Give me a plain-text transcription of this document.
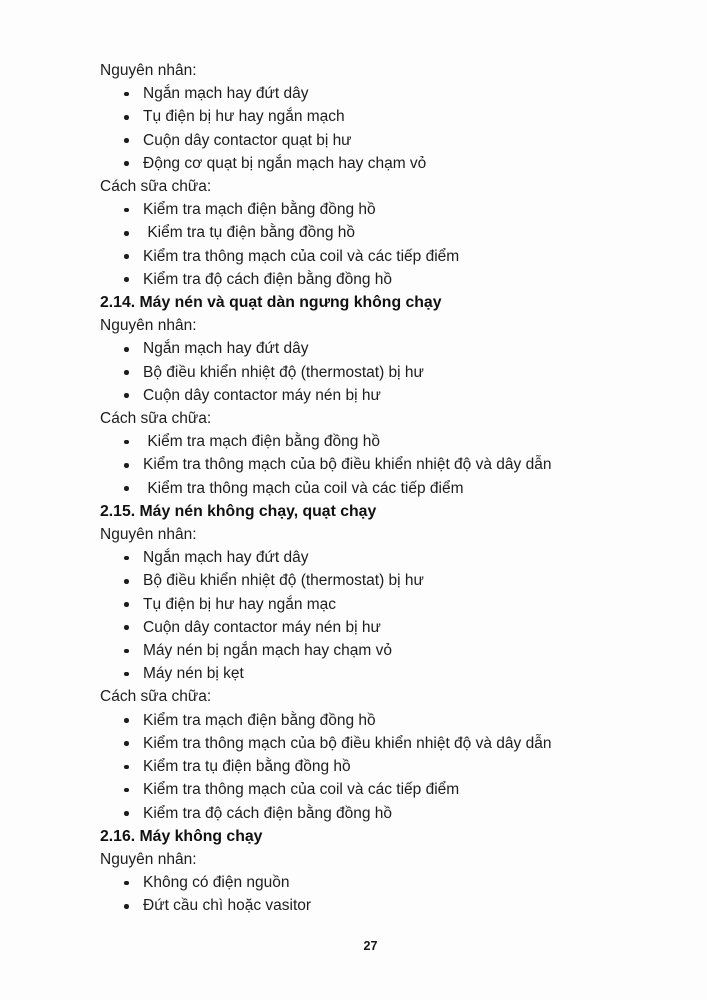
Nguyên nhân:
Ngắn mạch hay đứt dây
Tụ điện bị hư hay ngắn mạch
Cuộn dây contactor quạt bị hư
Động cơ quạt bị ngắn mạch hay chạm vỏ
Cách sữa chữa:
Kiểm tra mạch điện bằng đồng hồ
Kiểm tra tụ điện bằng đồng hồ
Kiểm tra thông mạch của coil và các tiếp điểm
Kiểm tra độ cách điện bằng đồng hồ
2.14. Máy nén và quạt dàn ngưng không chạy
Nguyên nhân:
Ngắn mạch hay đứt dây
Bộ điều khiển nhiệt độ (thermostat) bị hư
Cuộn dây contactor máy nén bị hư
Cách sữa chữa:
Kiểm tra mạch điện bằng đồng hồ
Kiểm tra thông mạch của bộ điều khiển nhiệt độ và dây dẫn
Kiểm tra thông mạch của coil và các tiếp điểm
2.15. Máy nén không chạy, quạt chạy
Nguyên nhân:
Ngắn mạch hay đứt dây
Bộ điều khiển nhiệt độ (thermostat) bị hư
Tụ điện bị hư hay ngắn mạc
Cuộn dây contactor máy nén bị hư
Máy nén bị ngắn mạch hay chạm vỏ
Máy nén bị kẹt
Cách sữa chữa:
Kiểm tra mạch điện bằng đồng hồ
Kiểm tra thông mạch của bộ điều khiển nhiệt độ và dây dẫn
Kiểm tra tụ điện bằng đồng hồ
Kiểm tra thông mạch của coil và các tiếp điểm
Kiểm tra độ cách điện bằng đồng hồ
2.16. Máy không chạy
Nguyên nhân:
Không có điện nguồn
Đứt cầu chì hoặc vasitor
27
